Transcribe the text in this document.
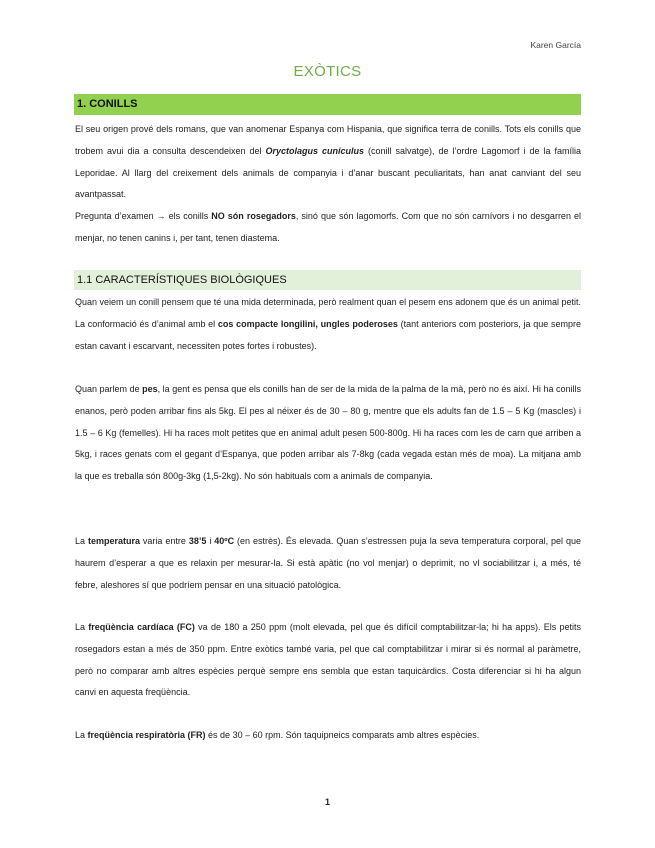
Karen García
EXÒTICS
1. CONILLS

El seu origen prové dels romans, que van anomenar Espanya com Hispania, que significa terra de conills. Tots els conills que trobem avui dia a consulta descendeixen del Oryctolagus cuniculus (conill salvatge), de l’ordre Lagomorf i de la família Leporidae. Al llarg del creixement dels animals de companyia i d’anar buscant peculiaritats, han anat canviant del seu avantpassat.

Pregunta d’examen → els conills NO són rosegadors, sinó que són lagomorfs. Com que no són carnívors i no desgarren el menjar, no tenen canins i, per tant, tenen diastema.

1.1 CARACTERÍSTIQUES BIOLÒGIQUES

Quan veiem un conill pensem que té una mida determinada, però realment quan el pesem ens adonem que és un animal petit. La conformació és d’animal amb el cos compacte longilini, ungles poderoses (tant anteriors com posteriors, ja que sempre estan cavant i escarvant, necessiten potes fortes i robustes).

Quan parlem de pes, la gent es pensa que els conills han de ser de la mida de la palma de la mà, però no és així. Hi ha conills enanos, però poden arribar fins als 5kg. El pes al néixer és de 30 – 80 g, mentre que els adults fan de 1.5 – 5 Kg (mascles) i 1.5 – 6 Kg (femelles). Hi ha races molt petites que en animal adult pesen 500-800g. Hi ha races com les de carn que arriben a 5kg, i races genats com el gegant d’Espanya, que poden arribar als 7-8kg (cada vegada estan més de moa). La mitjana amb la que es treballa són 800g-3kg (1,5-2kg). No són habituals com a animals de companyia.

La temperatura varia entre 38’5 i 40ºC (en estrès). És elevada. Quan s’estressen puja la seva temperatura corporal, pel que haurem d’esperar a que es relaxin per mesurar-la. Si està apàtic (no vol menjar) o deprimit, no vl sociabilitzar i, a més, té febre, aleshores sí que podríem pensar en una situació patològica.

La freqüència cardíaca (FC) va de 180 a 250 ppm (molt elevada, pel que és difícil comptabilitzar-la; hi ha apps). Els petits rosegadors estan a més de 350 ppm. Entre exòtics també varia, pel que cal comptabilitzar i mirar si és normal al paràmetre, però no comparar amb altres espècies perquè sempre ens sembla que estan taquicàrdics. Costa diferenciar si hi ha algun canvi en aquesta freqüència.

La freqüència respiratòria (FR) és de 30 – 60 rpm. Són taquipneics comparats amb altres espècies.

1
